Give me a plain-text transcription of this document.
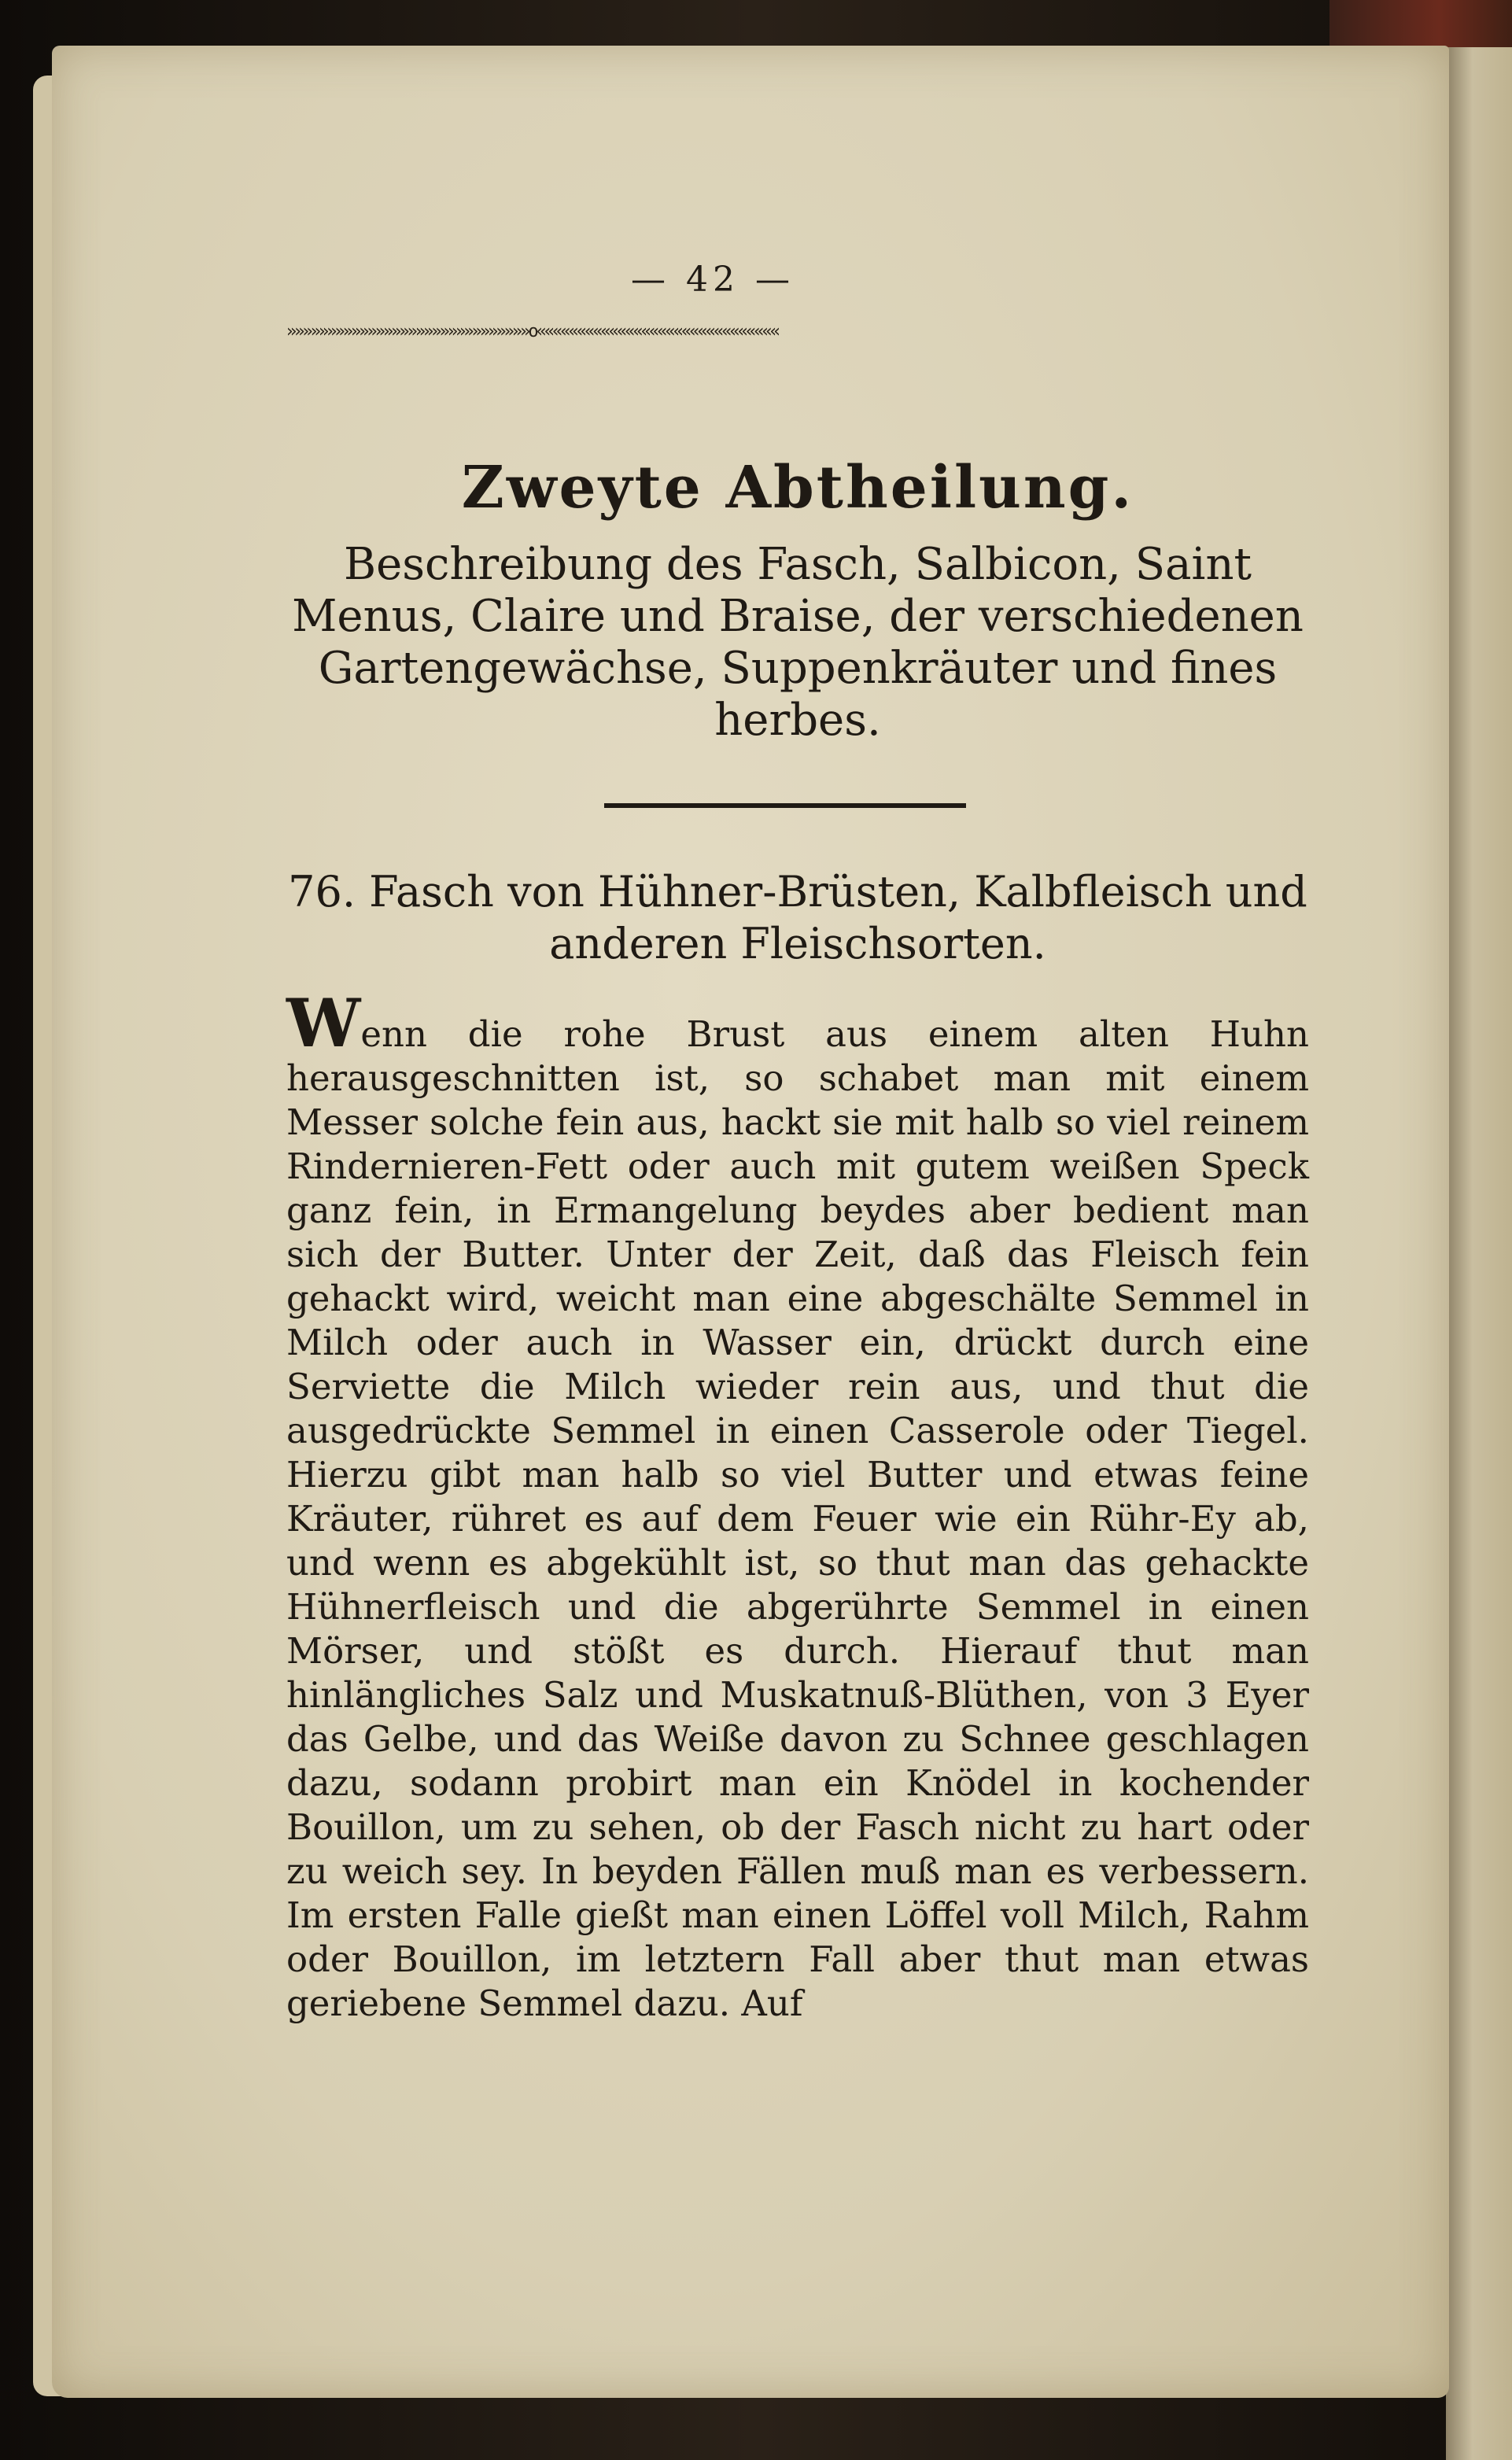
— 42 —
»»»»»»»»»»»»»»»»»»»»»»»»»»»»»»o««««««««««««««««««««««««««««««
Zweyte Abtheilung.
Beschreibung des Fasch, Salbicon, Saint Menus, Claire und Braise, der verschiedenen Gartengewächse, Suppenkräuter und fines herbes.
76. Fasch von Hühner-Brüsten, Kalbfleisch und anderen Fleischsorten.
Wenn die rohe Brust aus einem alten Huhn herausgeschnitten ist, so schabet man mit einem Messer solche fein aus, hackt sie mit halb so viel reinem Rindernieren-Fett oder auch mit gutem weißen Speck ganz fein, in Ermangelung beydes aber bedient man sich der Butter. Unter der Zeit, daß das Fleisch fein gehackt wird, weicht man eine abgeschälte Semmel in Milch oder auch in Wasser ein, drückt durch eine Serviette die Milch wieder rein aus, und thut die ausgedrückte Semmel in einen Casserole oder Tiegel. Hierzu gibt man halb so viel Butter und etwas feine Kräuter, rühret es auf dem Feuer wie ein Rühr-Ey ab, und wenn es abgekühlt ist, so thut man das gehackte Hühnerfleisch und die abgerührte Semmel in einen Mörser, und stößt es durch. Hierauf thut man hinlängliches Salz und Muskatnuß-Blüthen, von 3 Eyer das Gelbe, und das Weiße davon zu Schnee geschlagen dazu, sodann probirt man ein Knödel in kochender Bouillon, um zu sehen, ob der Fasch nicht zu hart oder zu weich sey. In beyden Fällen muß man es verbessern. Im ersten Falle gießt man einen Löffel voll Milch, Rahm oder Bouillon, im letztern Fall aber thut man etwas geriebene Semmel dazu. Auf
